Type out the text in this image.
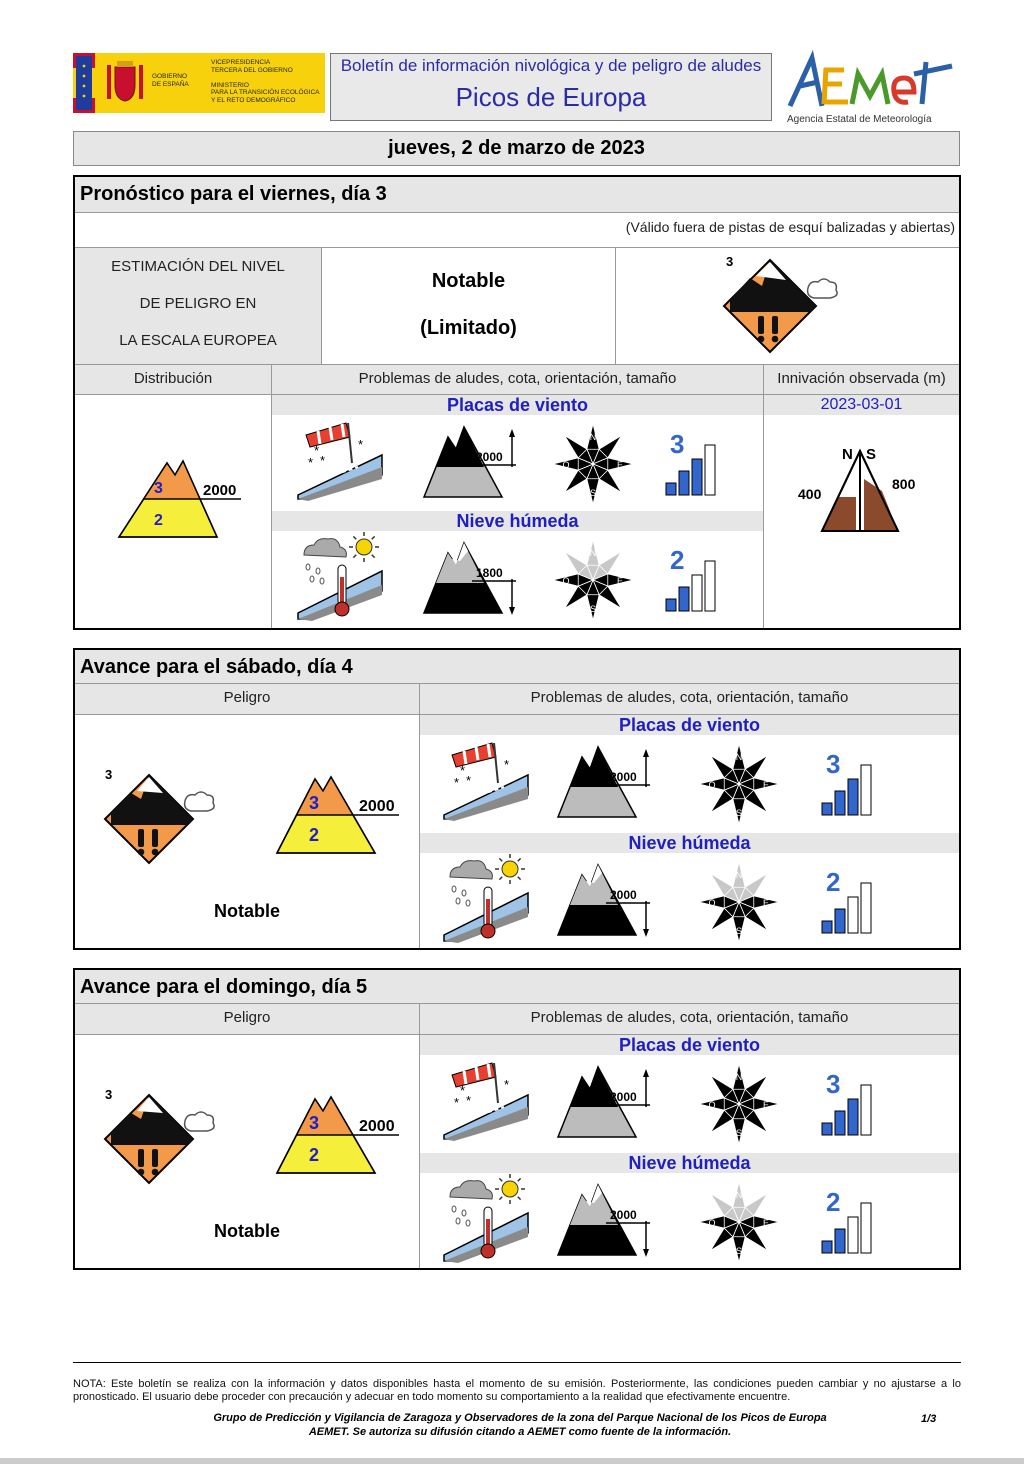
GOBIERNO
DE ESPAÑA
VICEPRESIDENCIA
TERCERA DEL GOBIERNO

MINISTERIO
PARA LA TRANSICIÓN ECOLÓGICA
Y EL RETO DEMOGRÁFICO
Boletín de información nivológica y de peligro de aludes
Picos de Europa
Agencia Estatal de Meteorología
jueves, 2 de marzo de 2023
Pronóstico para el viernes, día 3
(Válido fuera de pistas de esquí balizadas y abiertas)
ESTIMACIÓN DEL NIVEL
DE PELIGRO EN
LA ESCALA EUROPEA
Notable
(Limitado)
3
Distribución	Problemas de aludes, cota, orientación, tamaño	Innivación observada (m)
3
2
2000
Placas de viento
* *
*	*
2000
N
E
S
O
3
Nieve húmeda
1800
N
E
S
O
2
2023-03-01
N S
400
800
Avance para el sábado, día 4
Peligro	Problemas de aludes, cota, orientación, tamaño
3
3
2
2000
Notable
Placas de viento
* *
*	*
2000
N
E
S
O
3
Nieve húmeda
2000
N
E
S
O
2
Avance para el domingo, día 5
Peligro	Problemas de aludes, cota, orientación, tamaño
3
3
2
2000
Notable
Placas de viento
* *
*	*
2000
N
E
S
O
3
Nieve húmeda
2000
N
E
S
O
2
NOTA: Este boletín se realiza con la información y datos disponibles hasta el momento de su emisión. Posteriormente, las condiciones pueden cambiar y no ajustarse a lo pronosticado. El usuario debe proceder con precaución y adecuar en todo momento su comportamiento a la realidad que efectivamente encuentre.
Grupo de Predicción y Vigilancia de Zaragoza y Observadores de la zona del Parque Nacional de los Picos de Europa
AEMET. Se autoriza su difusión citando a AEMET como fuente de la información.
1/3
